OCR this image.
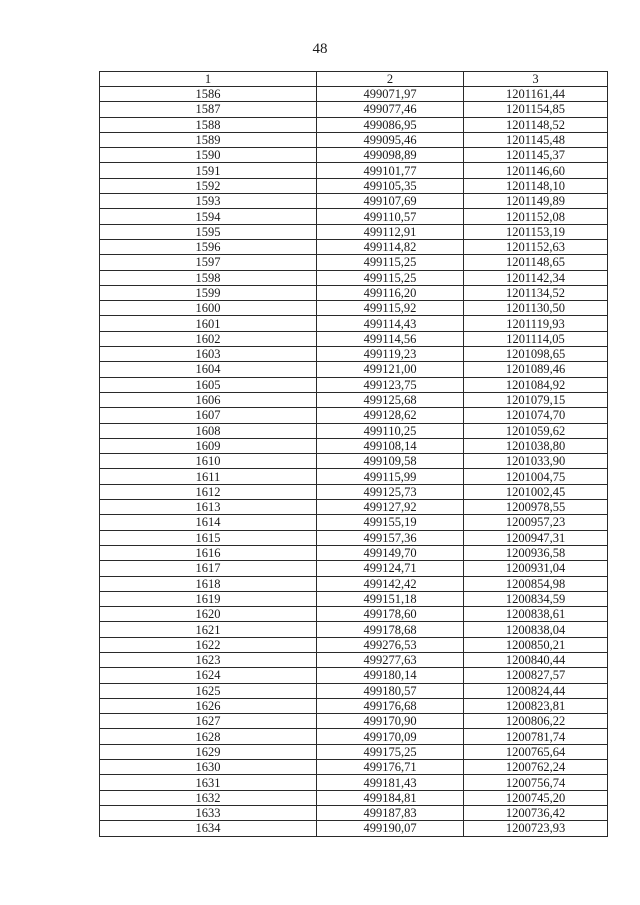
48
1	2	3
1586	499071,97	1201161,44
1587	499077,46	1201154,85
1588	499086,95	1201148,52
1589	499095,46	1201145,48
1590	499098,89	1201145,37
1591	499101,77	1201146,60
1592	499105,35	1201148,10
1593	499107,69	1201149,89
1594	499110,57	1201152,08
1595	499112,91	1201153,19
1596	499114,82	1201152,63
1597	499115,25	1201148,65
1598	499115,25	1201142,34
1599	499116,20	1201134,52
1600	499115,92	1201130,50
1601	499114,43	1201119,93
1602	499114,56	1201114,05
1603	499119,23	1201098,65
1604	499121,00	1201089,46
1605	499123,75	1201084,92
1606	499125,68	1201079,15
1607	499128,62	1201074,70
1608	499110,25	1201059,62
1609	499108,14	1201038,80
1610	499109,58	1201033,90
1611	499115,99	1201004,75
1612	499125,73	1201002,45
1613	499127,92	1200978,55
1614	499155,19	1200957,23
1615	499157,36	1200947,31
1616	499149,70	1200936,58
1617	499124,71	1200931,04
1618	499142,42	1200854,98
1619	499151,18	1200834,59
1620	499178,60	1200838,61
1621	499178,68	1200838,04
1622	499276,53	1200850,21
1623	499277,63	1200840,44
1624	499180,14	1200827,57
1625	499180,57	1200824,44
1626	499176,68	1200823,81
1627	499170,90	1200806,22
1628	499170,09	1200781,74
1629	499175,25	1200765,64
1630	499176,71	1200762,24
1631	499181,43	1200756,74
1632	499184,81	1200745,20
1633	499187,83	1200736,42
1634	499190,07	1200723,93
